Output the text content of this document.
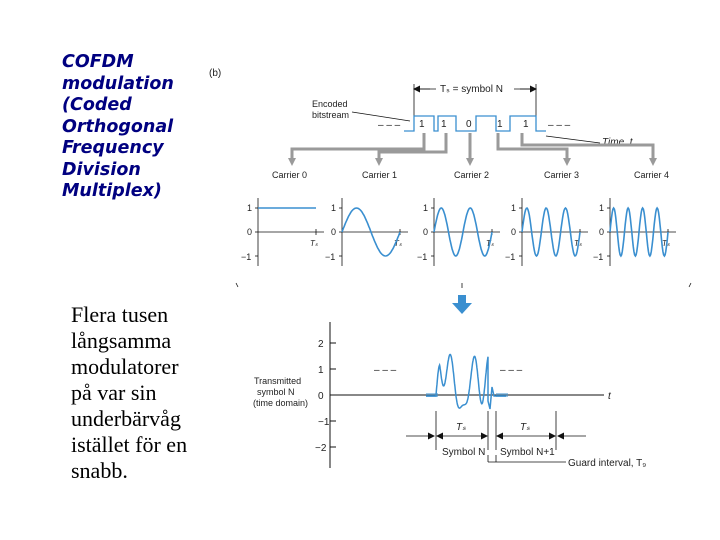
COFDM
modulation
(Coded
Orthogonal
Frequency
Division
Multiplex)
Flera tusen
långsamma
modulatorer
på var sin
underbärvåg
istället för en
snabb.
(b)
Tₛ = symbol N
Encoded
bitstream
– – –	– – –
1 1 0	1 1
Time, t
Carrier 0	Carrier 1	Carrier 2	Carrier 3	Carrier 4
1
0
−1
Tₛ
1
0
−1
Tₛ
1
0
−1
Tₛ
1
0
−1
Tₛ
1
0
−1
Tₛ
Transmitted
symbol N
(time domain)
2
1
0
−1
−2
t
– – –	– – –
Tₛ	Tₛ
Symbol N Symbol N+1
Guard interval, T₉
